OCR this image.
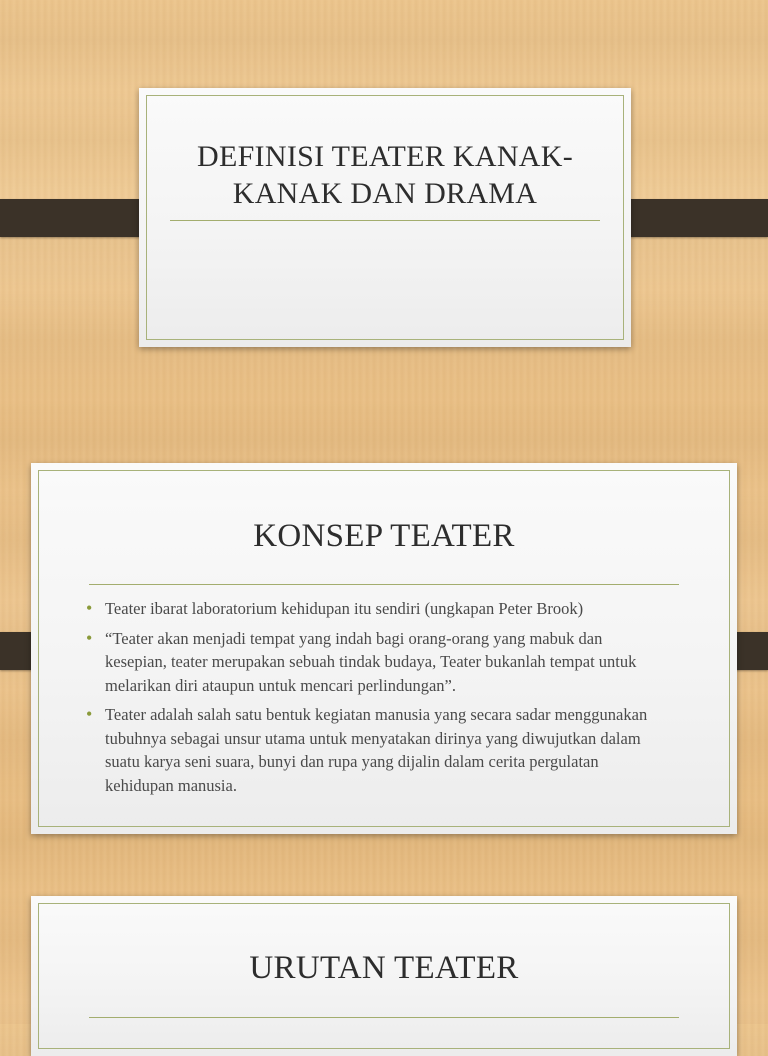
DEFINISI TEATER KANAK-KANAK DAN DRAMA
KONSEP TEATER
• Teater ibarat laboratorium kehidupan itu sendiri (ungkapan Peter Brook)
• “Teater akan menjadi tempat yang indah bagi orang-orang yang mabuk dan kesepian, teater merupakan sebuah tindak budaya, Teater bukanlah tempat untuk melarikan diri ataupun untuk mencari perlindungan”.
• Teater adalah salah satu bentuk kegiatan manusia yang secara sadar menggunakan tubuhnya sebagai unsur utama untuk menyatakan dirinya yang diwujutkan dalam suatu karya seni suara, bunyi dan rupa yang dijalin dalam cerita pergulatan kehidupan manusia.
URUTAN TEATER
